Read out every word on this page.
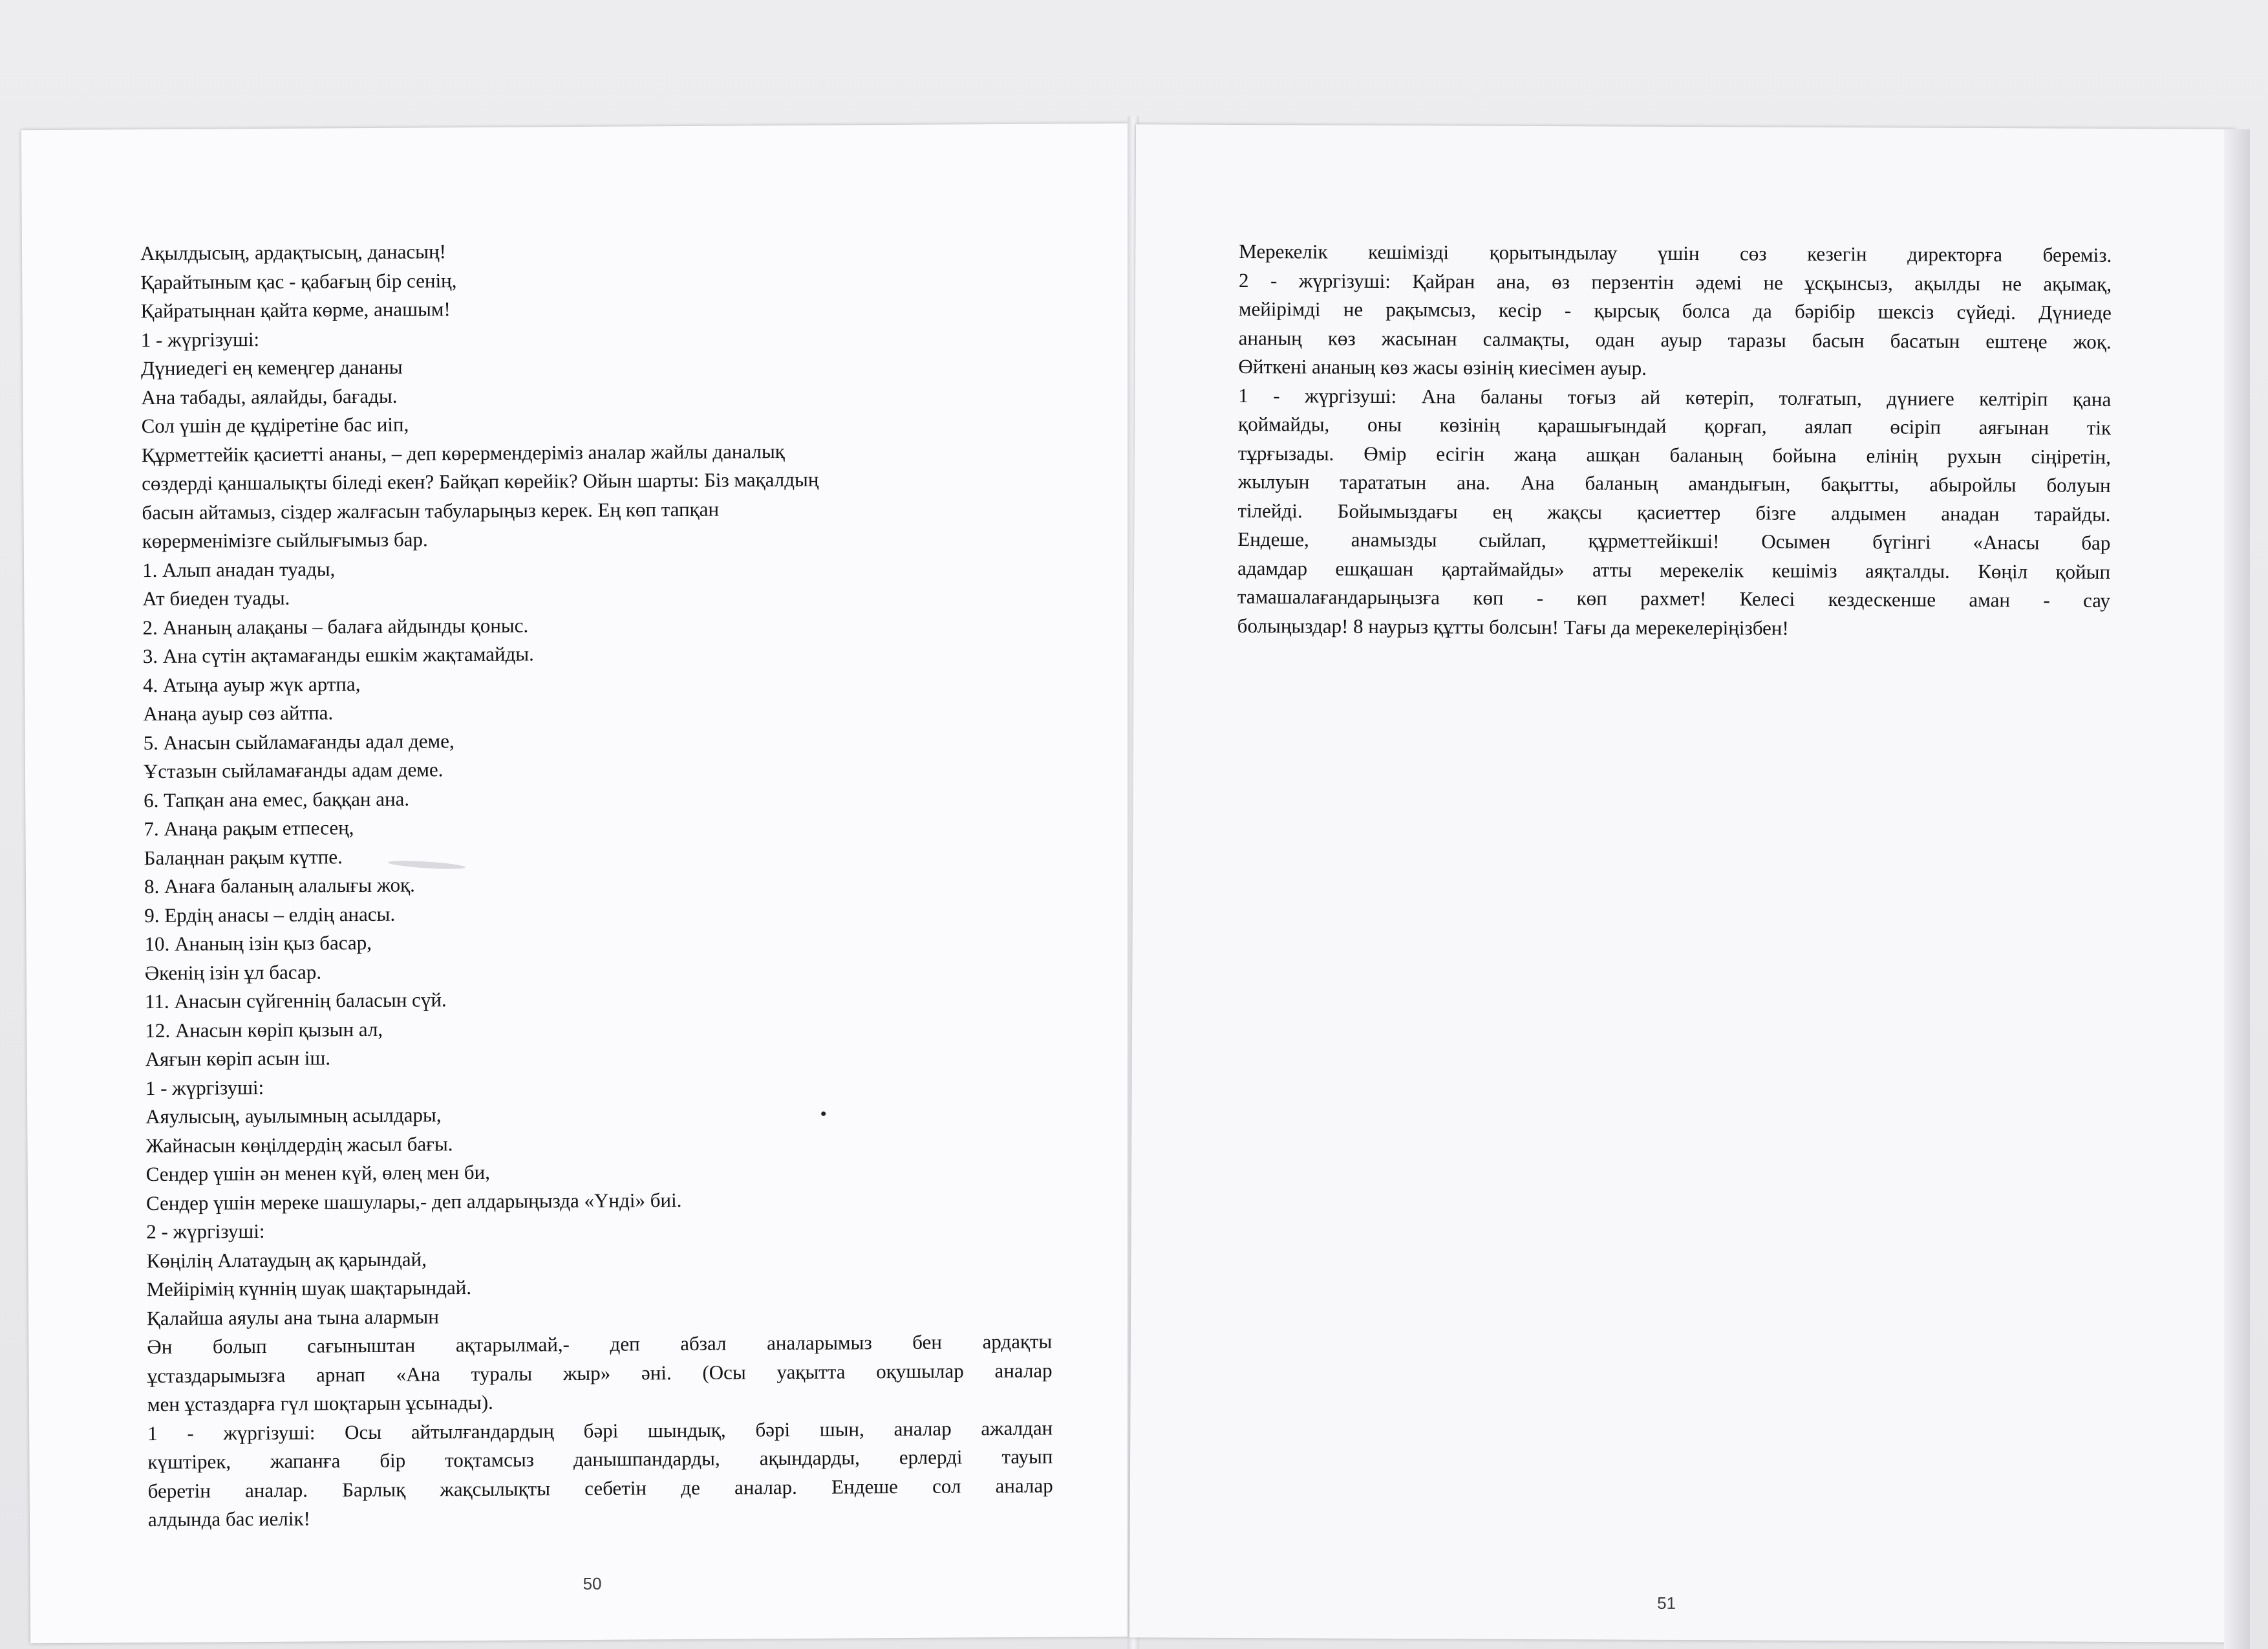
Ақылдысың, ардақтысың, данасың!
Қарайтыным қас - қабағың бір сенің,
Қайратыңнан қайта көрме, анашым!
1 - жүргізуші:
Дүниедегі ең кемеңгер дананы
Ана табады, аялайды, бағады.
Сол үшін де құдіретіне бас иіп,
Құрметтейік қасиетті ананы, – деп көрермендеріміз аналар жайлы даналық
сөздерді қаншалықты біледі екен? Байқап көрейік? Ойын шарты: Біз мақалдың
басын айтамыз, сіздер жалғасын табуларыңыз керек. Ең көп тапқан
көрерменімізге сыйлығымыз бар.
1. Алып анадан туады,
Ат биеден туады.
2. Ананың алақаны – балаға айдынды қоныс.
3. Ана сүтін ақтамағанды ешкім жақтамайды.
4. Атыңа ауыр жүк артпа,
Анаңа ауыр сөз айтпа.
5. Анасын сыйламағанды адал деме,
Ұстазын сыйламағанды адам деме.
6. Тапқан ана емес, баққан ана.
7. Анаңа рақым етпесең,
Балаңнан рақым күтпе.
8. Анаға баланың алалығы жоқ.
9. Ердің анасы – елдің анасы.
10. Ананың ізін қыз басар,
Әкенің ізін ұл басар.
11. Анасын сүйгеннің баласын сүй.
12. Анасын көріп қызын ал,
Аяғын көріп асын іш.
1 - жүргізуші:
Аяулысың, ауылымның асылдары,
Жайнасын көңілдердің жасыл бағы.
Сендер үшін ән менен күй, өлең мен би,
Сендер үшін мереке шашулары,- деп алдарыңызда «Үнді» биі.
2 - жүргізуші:
Көңілің Алатаудың ақ қарындай,
Мейірімің күннің шуақ шақтарындай.
Қалайша аяулы ана тына алармын
Ән болып сағыныштан ақтарылмай,- деп абзал аналарымыз бен ардақты
ұстаздарымызға арнап «Ана туралы жыр» әні. (Осы уақытта оқушылар аналар
мен ұстаздарға гүл шоқтарын ұсынады).
1 - жүргізуші: Осы айтылғандардың бәрі шындық, бәрі шын, аналар ажалдан
күштірек, жапанға бір тоқтамсыз данышпандарды, ақындарды, ерлерді тауып
беретін аналар. Барлық жақсылықты себетін де аналар. Ендеше сол аналар
алдында бас иелік!
50
Мерекелік кешімізді қорытындылау үшін сөз кезегін директорға береміз.
2 - жүргізуші: Қайран ана, өз перзентін әдемі не ұсқынсыз, ақылды не ақымақ,
мейірімді не рақымсыз, кесір - қырсық болса да бәрібір шексіз сүйеді. Дүниеде
ананың көз жасынан салмақты, одан ауыр таразы басын басатын ештеңе жоқ.
Өйткені ананың көз жасы өзінің киесімен ауыр.
1 - жүргізуші: Ана баланы тоғыз ай көтеріп, толғатып, дүниеге келтіріп қана
қоймайды, оны көзінің қарашығындай қорғап, аялап өсіріп аяғынан тік
тұрғызады. Өмір есігін жаңа ашқан баланың бойына елінің рухын сіңіретін,
жылуын тарататын ана. Ана баланың амандығын, бақытты, абыройлы болуын
тілейді. Бойымыздағы ең жақсы қасиеттер бізге алдымен анадан тарайды.
Ендеше, анамызды сыйлап, құрметтейікші! Осымен бүгінгі «Анасы бар
адамдар ешқашан қартаймайды» атты мерекелік кешіміз аяқталды. Көңіл қойып
тамашалағандарыңызға көп - көп рахмет! Келесі кездескенше аман - сау
болыңыздар! 8 наурыз құтты болсын! Тағы да мерекелеріңізбен!
51
